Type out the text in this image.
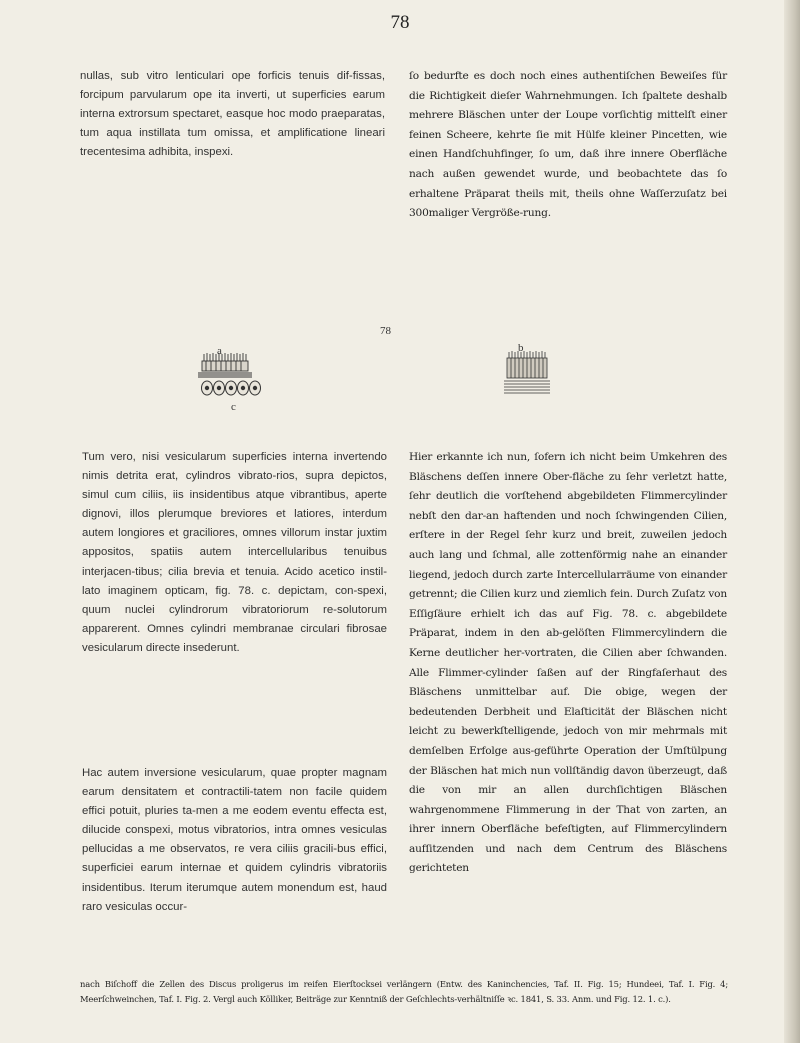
78

nullas, sub vitro lenticulari ope forficis tenuis dif-fissas, forcipum parvularum ope ita inverti, ut superficies earum interna extrorsum spectaret, easque hoc modo praeparatas, tum aqua instillata tum omissa, et amplificatione lineari trecentesima adhibita, inspexi.

ſo bedurfte es doch noch eines authentiſchen Beweiſes für die Richtigkeit dieſer Wahrnehmungen. Ich ſpaltete deshalb mehrere Bläschen unter der Loupe vorſichtig mittelſt einer feinen Scheere, kehrte ſie mit Hülfe kleiner Pincetten, wie einen Handſchuhfinger, ſo um, daß ihre innere Oberfläche nach außen gewendet wurde, und beobachtete das ſo erhaltene Präparat theils mit, theils ohne Waſſerzuſatz bei 300maliger Vergröße-rung.

78
a	b
c

Tum vero, nisi vesicularum superficies interna invertendo nimis detrita erat, cylindros vibrato-rios, supra depictos, simul cum ciliis, iis insidentibus atque vibrantibus, aperte dignovi, illos plerumque breviores et latiores, interdum autem longiores et graciliores, omnes villorum instar juxtim appositos, spatiis autem intercellularibus tenuibus interjacen-tibus; cilia brevia et tenuia. Acido acetico instil-lato imaginem opticam, fig. 78. c. depictam, con-spexi, quum nuclei cylindrorum vibratoriorum re-solutorum apparerent. Omnes cylindri membranae circulari fibrosae vesicularum directe insederunt.

Hier erkannte ich nun, ſofern ich nicht beim Umkehren des Bläschens deſſen innere Ober-fläche zu ſehr verletzt hatte, ſehr deutlich die vorſtehend abgebildeten Flimmercylinder nebſt den dar-an haftenden und noch ſchwingenden Cilien, erſtere in der Regel ſehr kurz und breit, zuweilen jedoch auch lang und ſchmal, alle zottenförmig nahe an einander liegend, jedoch durch zarte Intercellularräume von einander getrennt; die Cilien kurz und ziemlich fein. Durch Zuſatz von Eſſigſäure erhielt ich das auf Fig. 78. c. abgebildete Präparat, indem in den ab-gelöſten Flimmercylindern die Kerne deutlicher her-vortraten, die Cilien aber ſchwanden. Alle Flimmer-cylinder ſaßen auf der Ringfaſerhaut des Bläschens unmittelbar auf. Die obige, wegen der bedeutenden Derbheit und Elaſticität der Bläschen nicht leicht zu bewerkſtelligende, jedoch von mir mehrmals mit demſelben Erfolge aus-geführte Operation der Umſtülpung der Bläschen hat mich nun vollſtändig davon überzeugt, daß die von mir an allen durchſichtigen Bläschen wahrgenommene Flimmerung in der That von zarten, an ihrer innern Oberfläche befeſtigten, auf Flimmercylindern aufſitzenden und nach dem Centrum des Bläschens gerichteten

Hac autem inversione vesicularum, quae propter magnam earum densitatem et contractili-tatem non facile quidem effici potuit, pluries ta-men a me eodem eventu effecta est, dilucide conspexi, motus vibratorios, intra omnes vesiculas pellucidas a me observatos, re vera ciliis gracili-bus effici, superficiei earum internae et quidem cylindris vibratoriis insidentibus. Iterum iterumque autem monendum est, haud raro vesiculas occur-

nach Biſchoff die Zellen des Discus proligerus im reifen Eierſtocksei verlängern (Entw. des Kaninchencies, Taf. II. Fig. 15; Hundeei, Taf. I. Fig. 4; Meerſchweinchen, Taf. I. Fig. 2. Vergl auch Kölliker, Beiträge zur Kenntniß der Geſchlechts-verhältniſſe ꝛc. 1841, S. 33. Anm. und Fig. 12. 1. c.).
